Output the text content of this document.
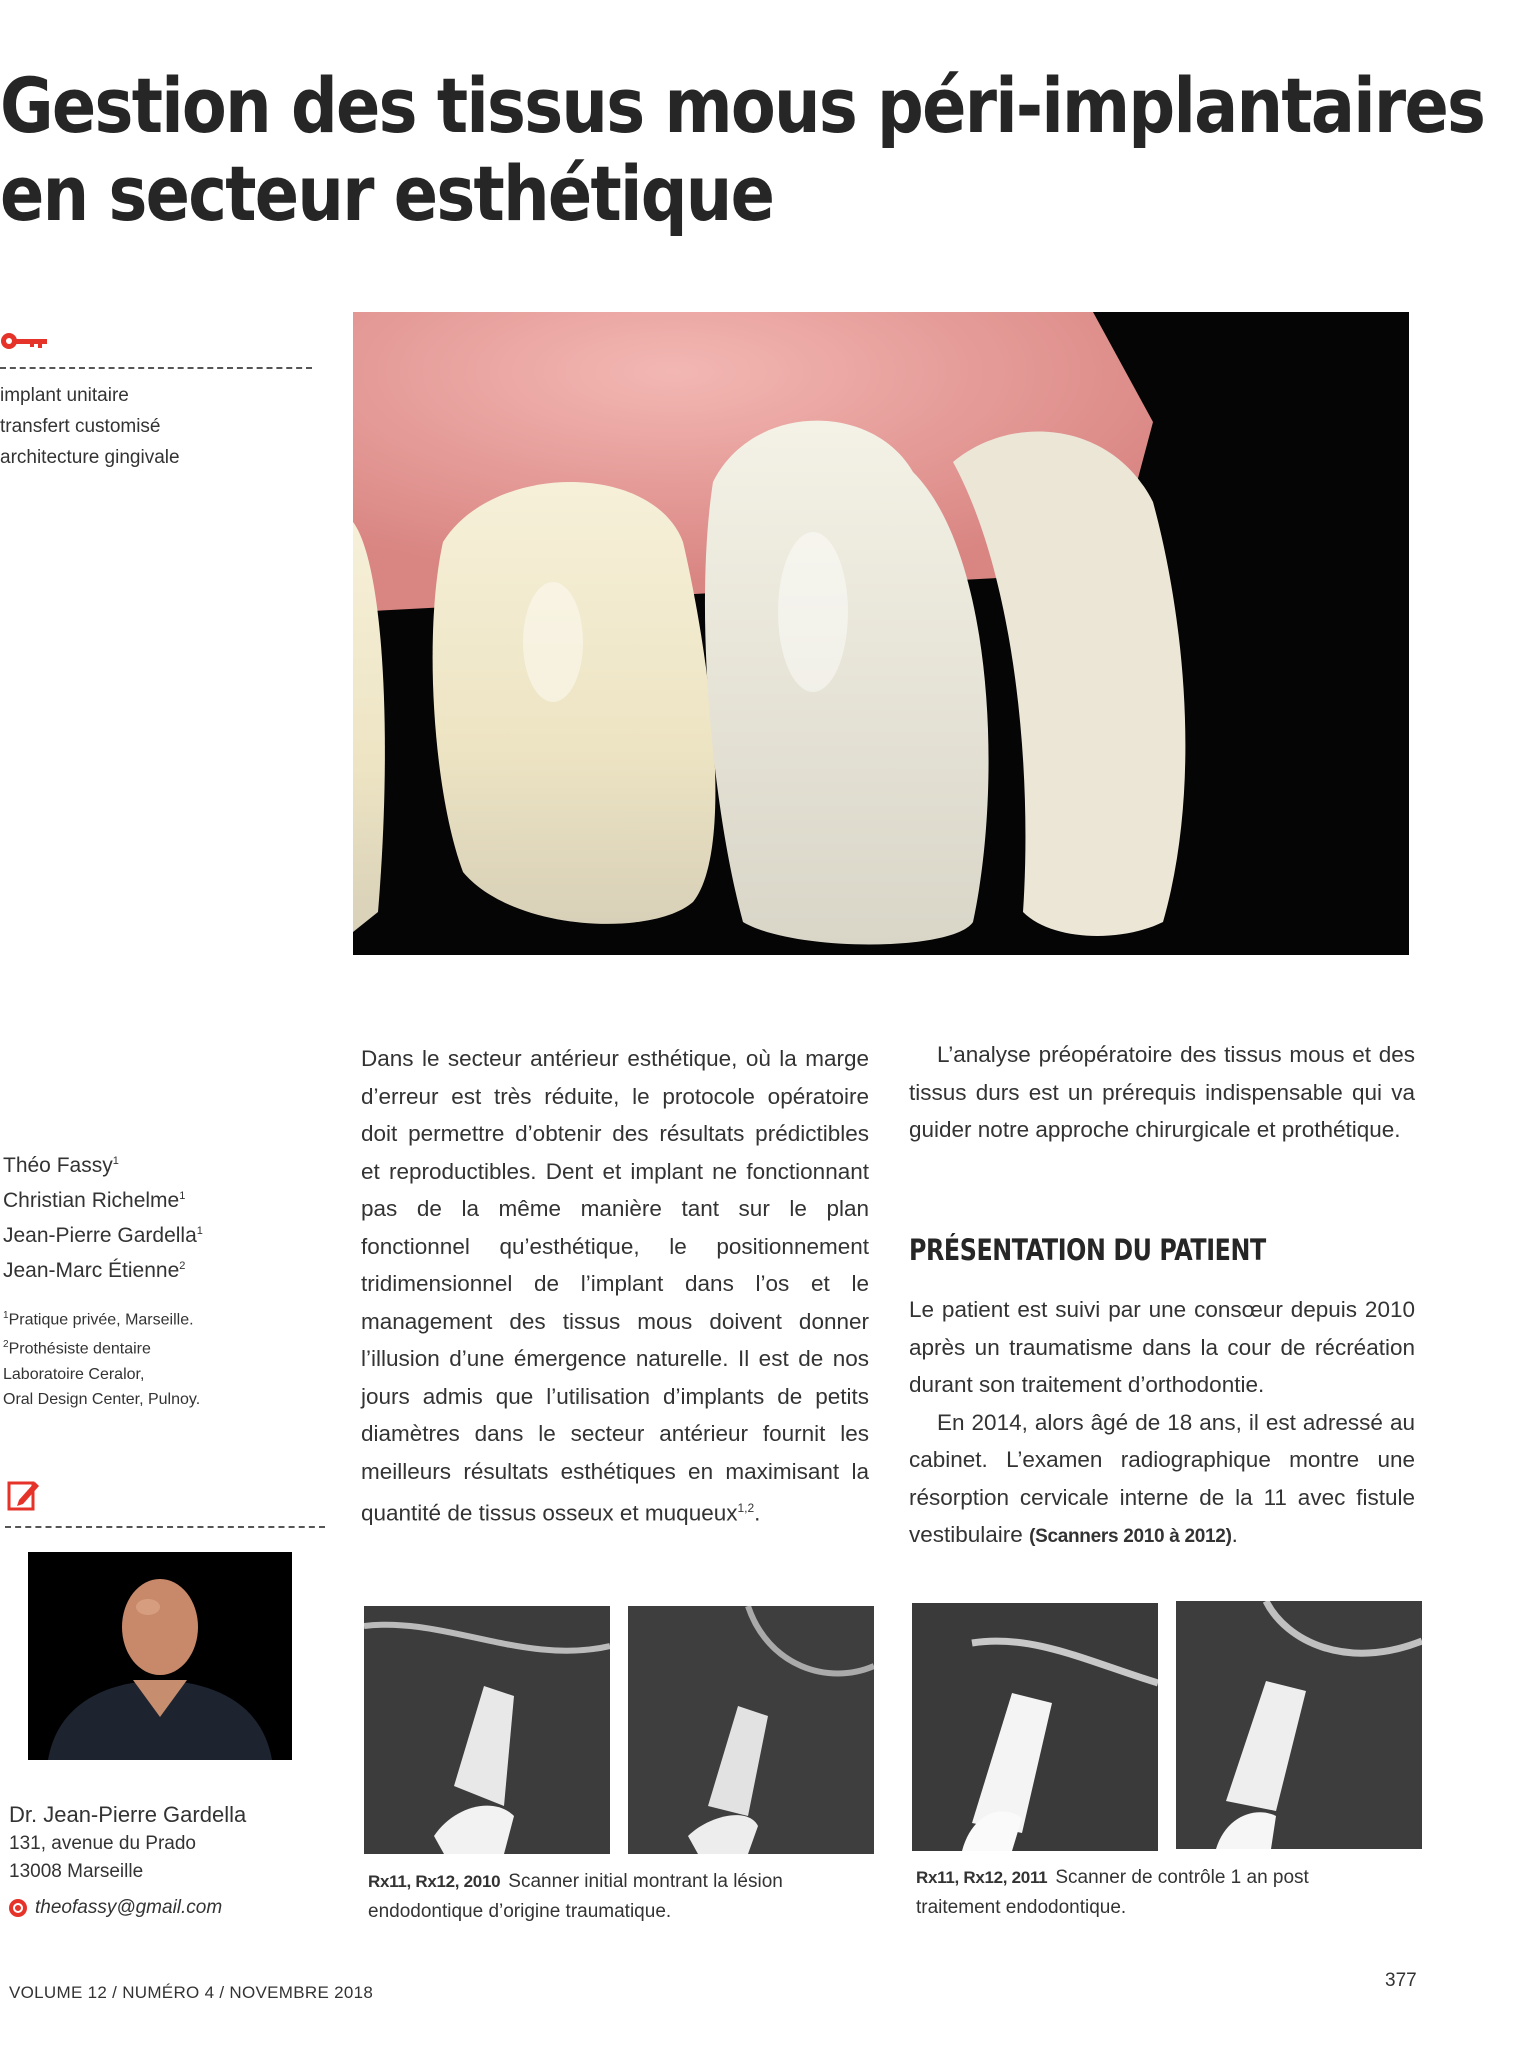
Gestion des tissus mous péri-implantaires
en secteur esthétique
implant unitaire
transfert customisé
architecture gingivale

Dans le secteur antérieur esthétique, où la marge d’erreur est très réduite, le protocole opératoire doit permettre d’obtenir des résultats prédictibles et reproductibles. Dent et implant ne fonctionnant pas de la même manière tant sur le plan fonctionnel qu’esthétique, le positionnement tridimensionnel de l’implant dans l’os et le management des tissus mous doivent donner l’illusion d’une émergence naturelle. Il est de nos jours admis que l’utilisation d’implants de petits diamètres dans le secteur antérieur fournit les meilleurs résultats esthétiques en maximisant la quantité de tissus osseux et muqueux$^{1,2}$.

L’analyse préopératoire des tissus mous et des tissus durs est un prérequis indispensable qui va guider notre approche chirurgicale et prothétique.

PRÉSENTATION DU PATIENT

Le patient est suivi par une consœur depuis 2010 après un traumatisme dans la cour de récréation durant son traitement d’orthodontie.

En 2014, alors âgé de 18 ans, il est adressé au cabinet. L’examen radiographique montre une résorption cervicale interne de la 11 avec fistule vestibulaire (Scanners 2010 à 2012).

Théo Fassy$^1$
Christian Richelme$^1$
Jean-Pierre Gardella$^1$
Jean-Marc Étienne$^2$
$^1$Pratique privée, Marseille.
$^2$Prothésiste dentaire
Laboratoire Ceralor,
Oral Design Center, Pulnoy.
Dr. Jean-Pierre Gardella
131, avenue du Prado
13008 Marseille
theofassy@gmail.com
Rx11, Rx12, 2010 Scanner initial montrant la lésion endodontique d’origine traumatique.
Rx11, Rx12, 2011 Scanner de contrôle 1 an post traitement endodontique.
VOLUME 12 / NUMÉRO 4 / NOVEMBRE 2018
377
